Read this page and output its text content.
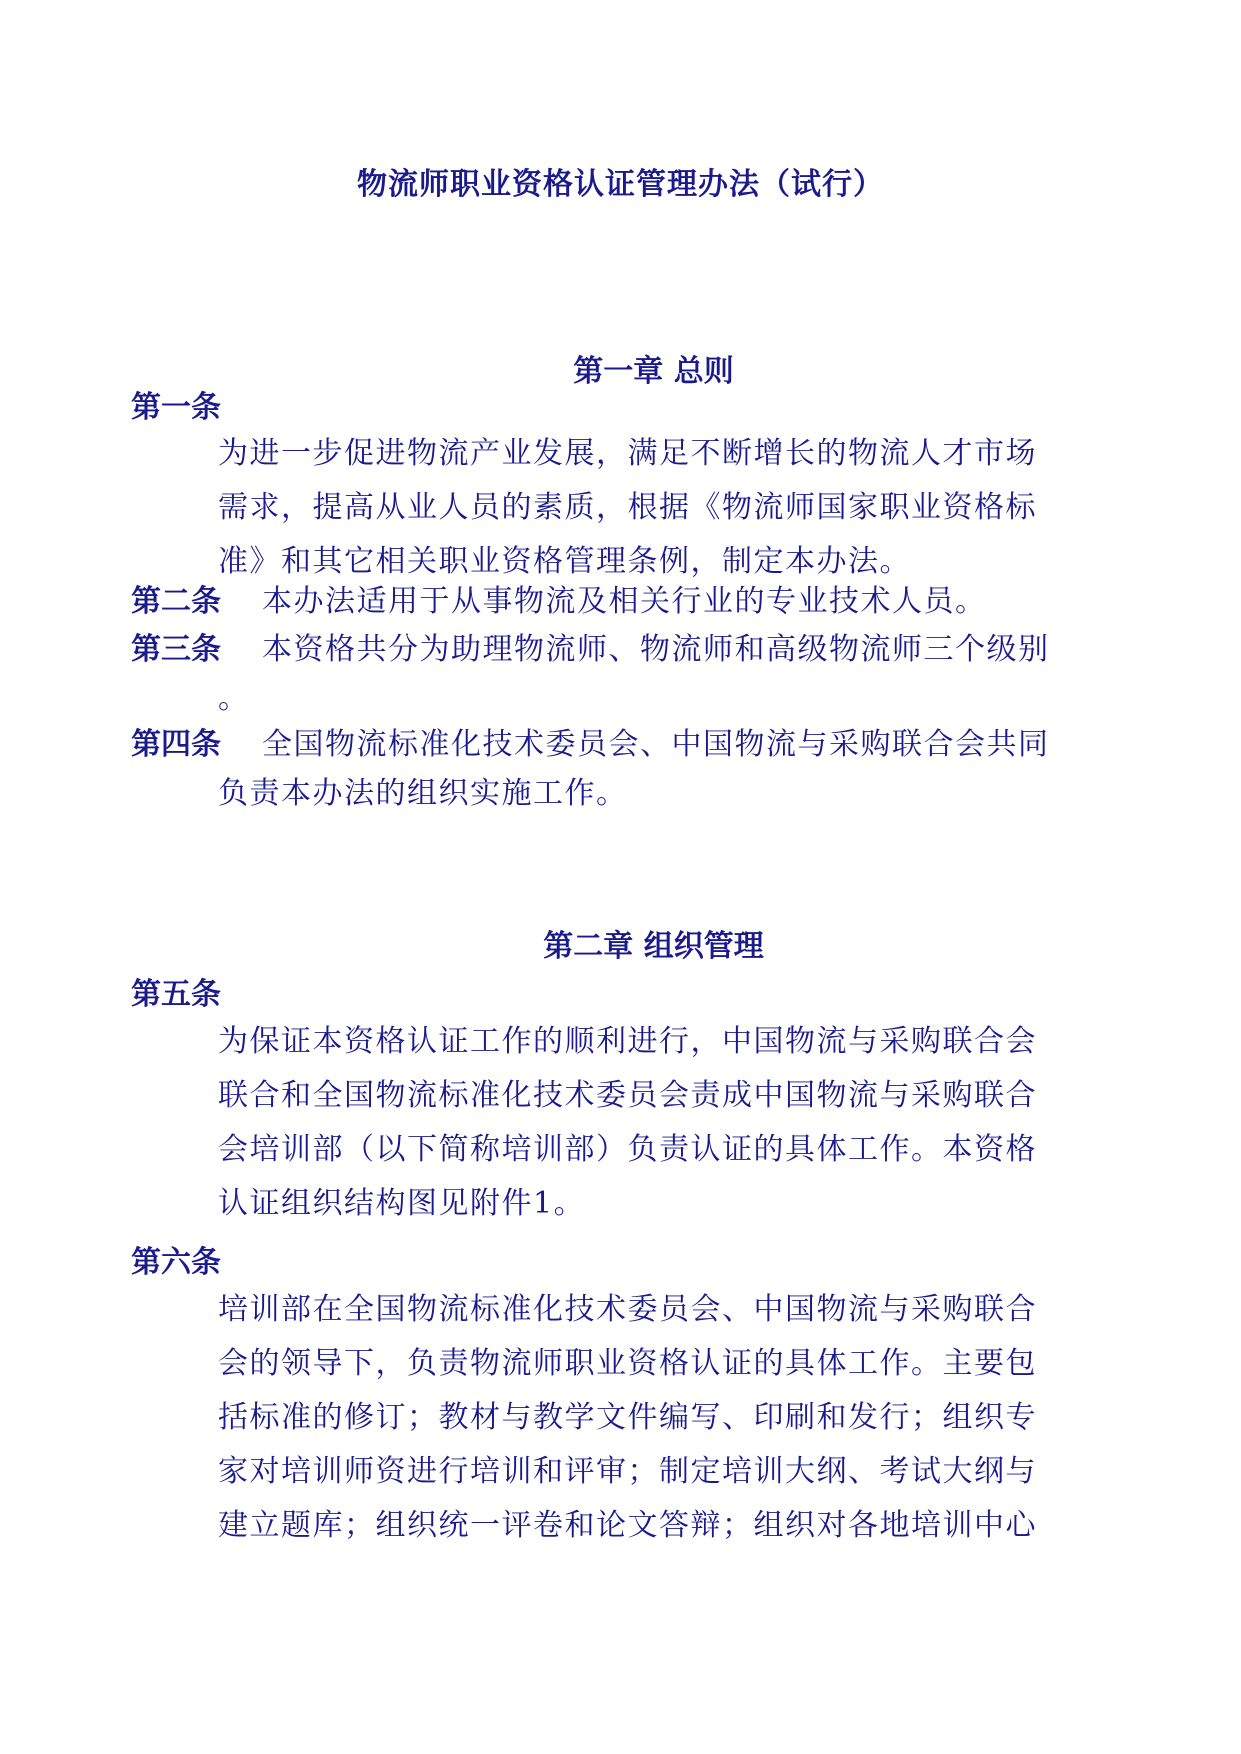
物流师职业资格认证管理办法（试行）
第一章 总则
第一条
为进一步促进物流产业发展，满足不断增长的物流人才市场
需求，提高从业人员的素质，根据《物流师国家职业资格标
准》和其它相关职业资格管理条例，制定本办法。
第二条 本办法适用于从事物流及相关行业的专业技术人员。
第三条 本资格共分为助理物流师、物流师和高级物流师三个级别
。
第四条 全国物流标准化技术委员会、中国物流与采购联合会共同
负责本办法的组织实施工作。
第二章 组织管理
第五条
为保证本资格认证工作的顺利进行，中国物流与采购联合会
联合和全国物流标准化技术委员会责成中国物流与采购联合
会培训部（以下简称培训部）负责认证的具体工作。本资格
认证组织结构图见附件1。
第六条
培训部在全国物流标准化技术委员会、中国物流与采购联合
会的领导下，负责物流师职业资格认证的具体工作。主要包
括标准的修订；教材与教学文件编写、印刷和发行；组织专
家对培训师资进行培训和评审；制定培训大纲、考试大纲与
建立题库；组织统一评卷和论文答辩；组织对各地培训中心
